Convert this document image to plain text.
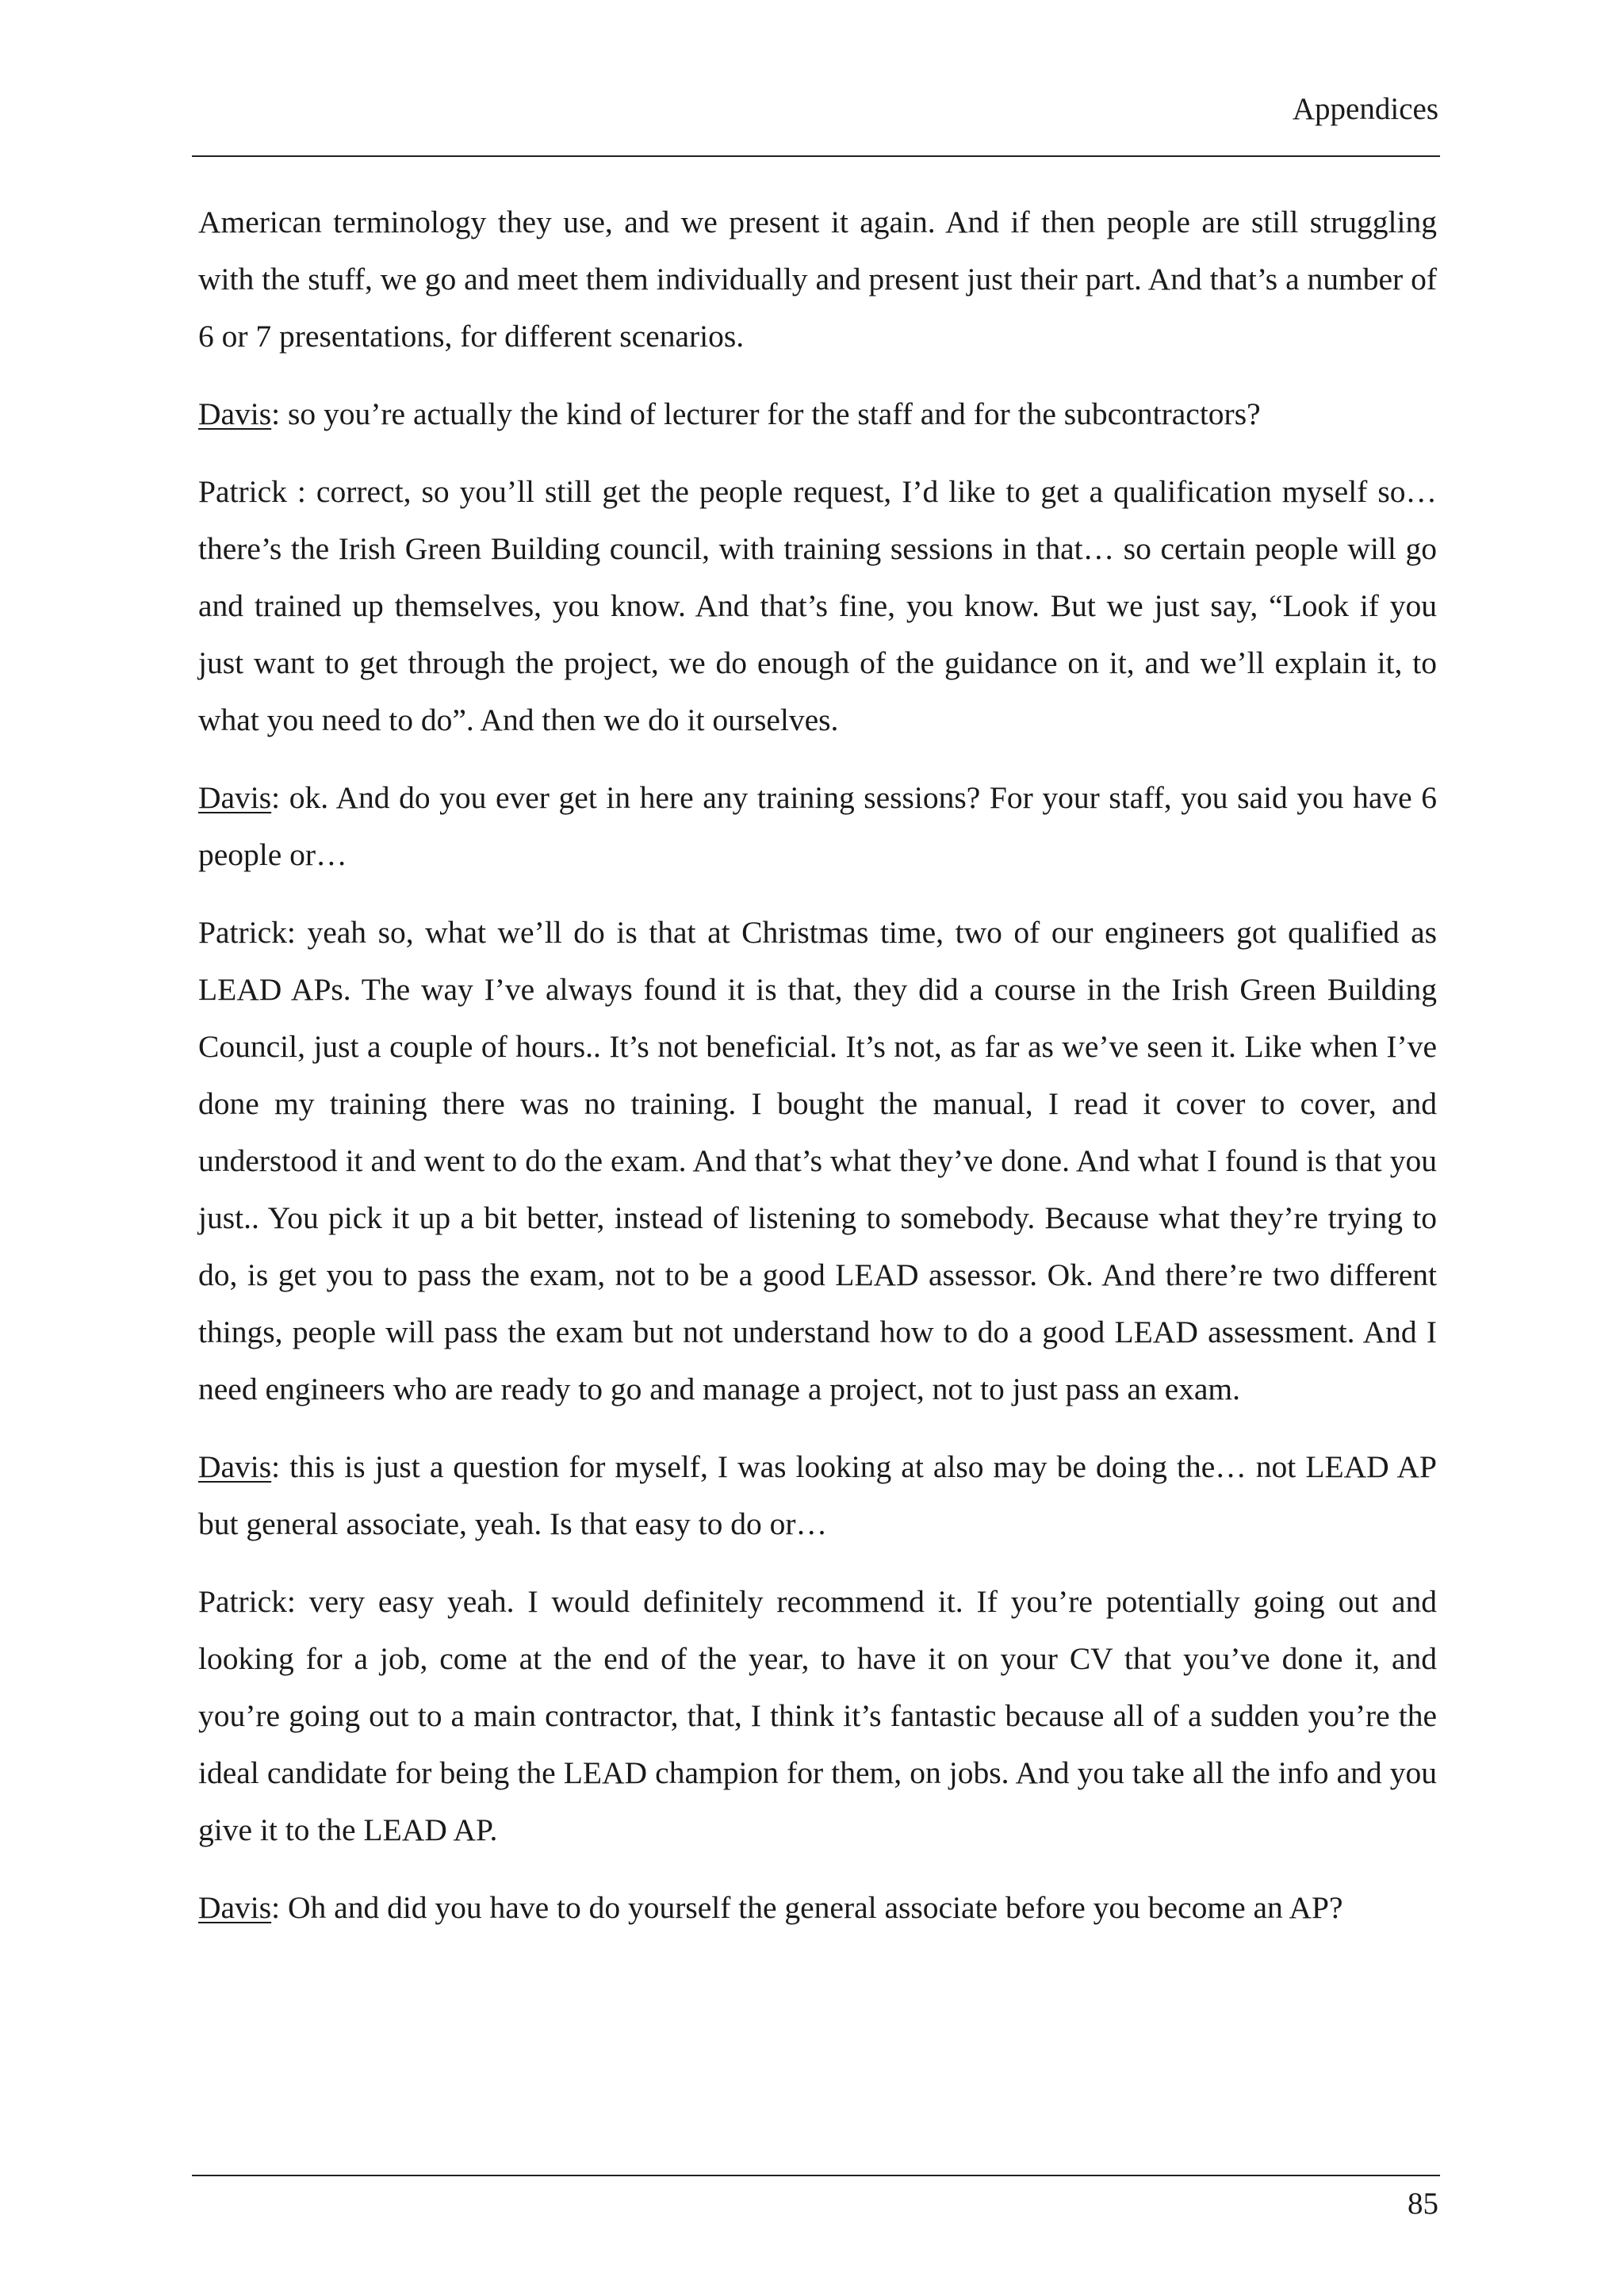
Appendices

American terminology they use, and we present it again. And if then people are still struggling with the stuff, we go and meet them individually and present just their part. And that’s a number of 6 or 7 presentations, for different scenarios.

Davis: so you’re actually the kind of lecturer for the staff and for the subcontractors?

Patrick : correct, so you’ll still get the people request, I’d like to get a qualification myself so… there’s the Irish Green Building council, with training sessions in that… so certain people will go and trained up themselves, you know. And that’s fine, you know. But we just say, “Look if you just want to get through the project, we do enough of the guidance on it, and we’ll explain it, to what you need to do”. And then we do it ourselves.

Davis: ok. And do you ever get in here any training sessions? For your staff, you said you have 6 people or…

Patrick: yeah so, what we’ll do is that at Christmas time, two of our engineers got qualified as LEAD APs. The way I’ve always found it is that, they did a course in the Irish Green Building Council, just a couple of hours.. It’s not beneficial. It’s not, as far as we’ve seen it. Like when I’ve done my training there was no training. I bought the manual, I read it cover to cover, and understood it and went to do the exam. And that’s what they’ve done. And what I found is that you just.. You pick it up a bit better, instead of listening to somebody. Because what they’re trying to do, is get you to pass the exam, not to be a good LEAD assessor. Ok. And there’re two different things, people will pass the exam but not understand how to do a good LEAD assessment. And I need engineers who are ready to go and manage a project, not to just pass an exam.

Davis: this is just a question for myself, I was looking at also may be doing the… not LEAD AP but general associate, yeah. Is that easy to do or…

Patrick: very easy yeah. I would definitely recommend it. If you’re potentially going out and looking for a job, come at the end of the year, to have it on your CV that you’ve done it, and you’re going out to a main contractor, that, I think it’s fantastic because all of a sudden you’re the ideal candidate for being the LEAD champion for them, on jobs. And you take all the info and you give it to the LEAD AP.

Davis: Oh and did you have to do yourself the general associate before you become an AP?

85
